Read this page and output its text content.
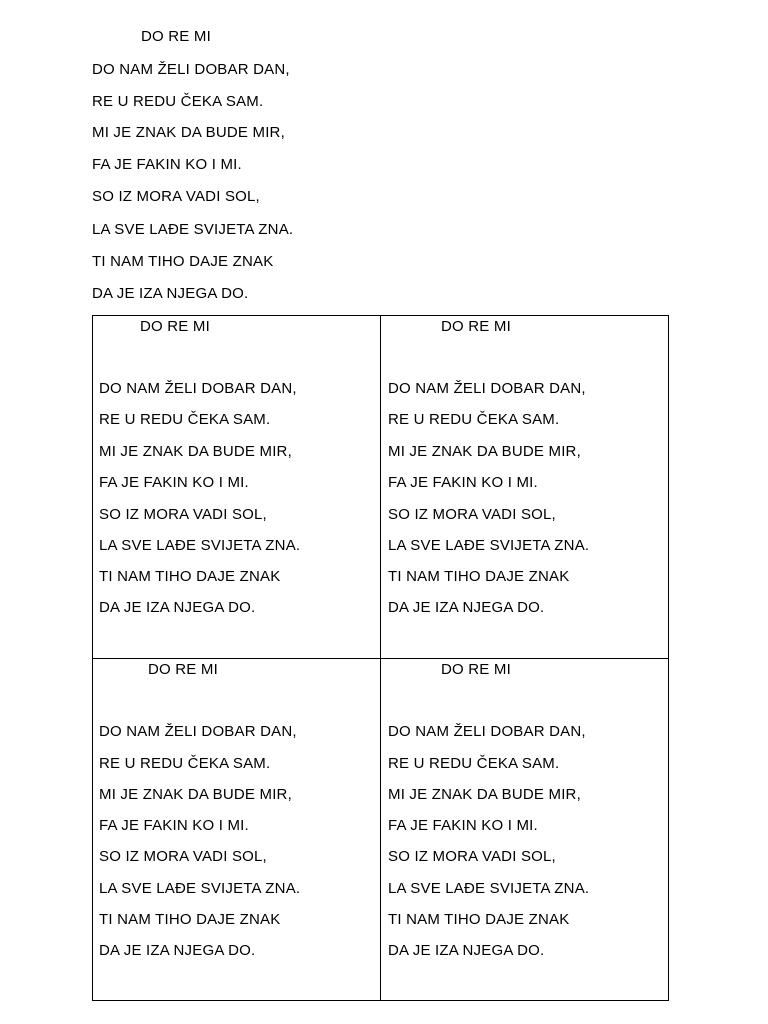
DO RE MI
DO NAM ŽELI DOBAR DAN,
RE U REDU ČEKA SAM.
MI JE ZNAK DA BUDE MIR,
FA JE FAKIN KO I MI.
SO IZ MORA VADI SOL,
LA SVE LAĐE SVIJETA ZNA.
TI NAM TIHO DAJE ZNAK
DA JE IZA NJEGA DO.
DO RE MI
DO NAM ŽELI DOBAR DAN,
RE U REDU ČEKA SAM.
MI JE ZNAK DA BUDE MIR,
FA JE FAKIN KO I MI.
SO IZ MORA VADI SOL,
LA SVE LAĐE SVIJETA ZNA.
TI NAM TIHO DAJE ZNAK
DA JE IZA NJEGA DO.
DO RE MI
DO NAM ŽELI DOBAR DAN,
RE U REDU ČEKA SAM.
MI JE ZNAK DA BUDE MIR,
FA JE FAKIN KO I MI.
SO IZ MORA VADI SOL,
LA SVE LAĐE SVIJETA ZNA.
TI NAM TIHO DAJE ZNAK
DA JE IZA NJEGA DO.
DO RE MI
DO NAM ŽELI DOBAR DAN,
RE U REDU ČEKA SAM.
MI JE ZNAK DA BUDE MIR,
FA JE FAKIN KO I MI.
SO IZ MORA VADI SOL,
LA SVE LAĐE SVIJETA ZNA.
TI NAM TIHO DAJE ZNAK
DA JE IZA NJEGA DO.
DO RE MI
DO NAM ŽELI DOBAR DAN,
RE U REDU ČEKA SAM.
MI JE ZNAK DA BUDE MIR,
FA JE FAKIN KO I MI.
SO IZ MORA VADI SOL,
LA SVE LAĐE SVIJETA ZNA.
TI NAM TIHO DAJE ZNAK
DA JE IZA NJEGA DO.
